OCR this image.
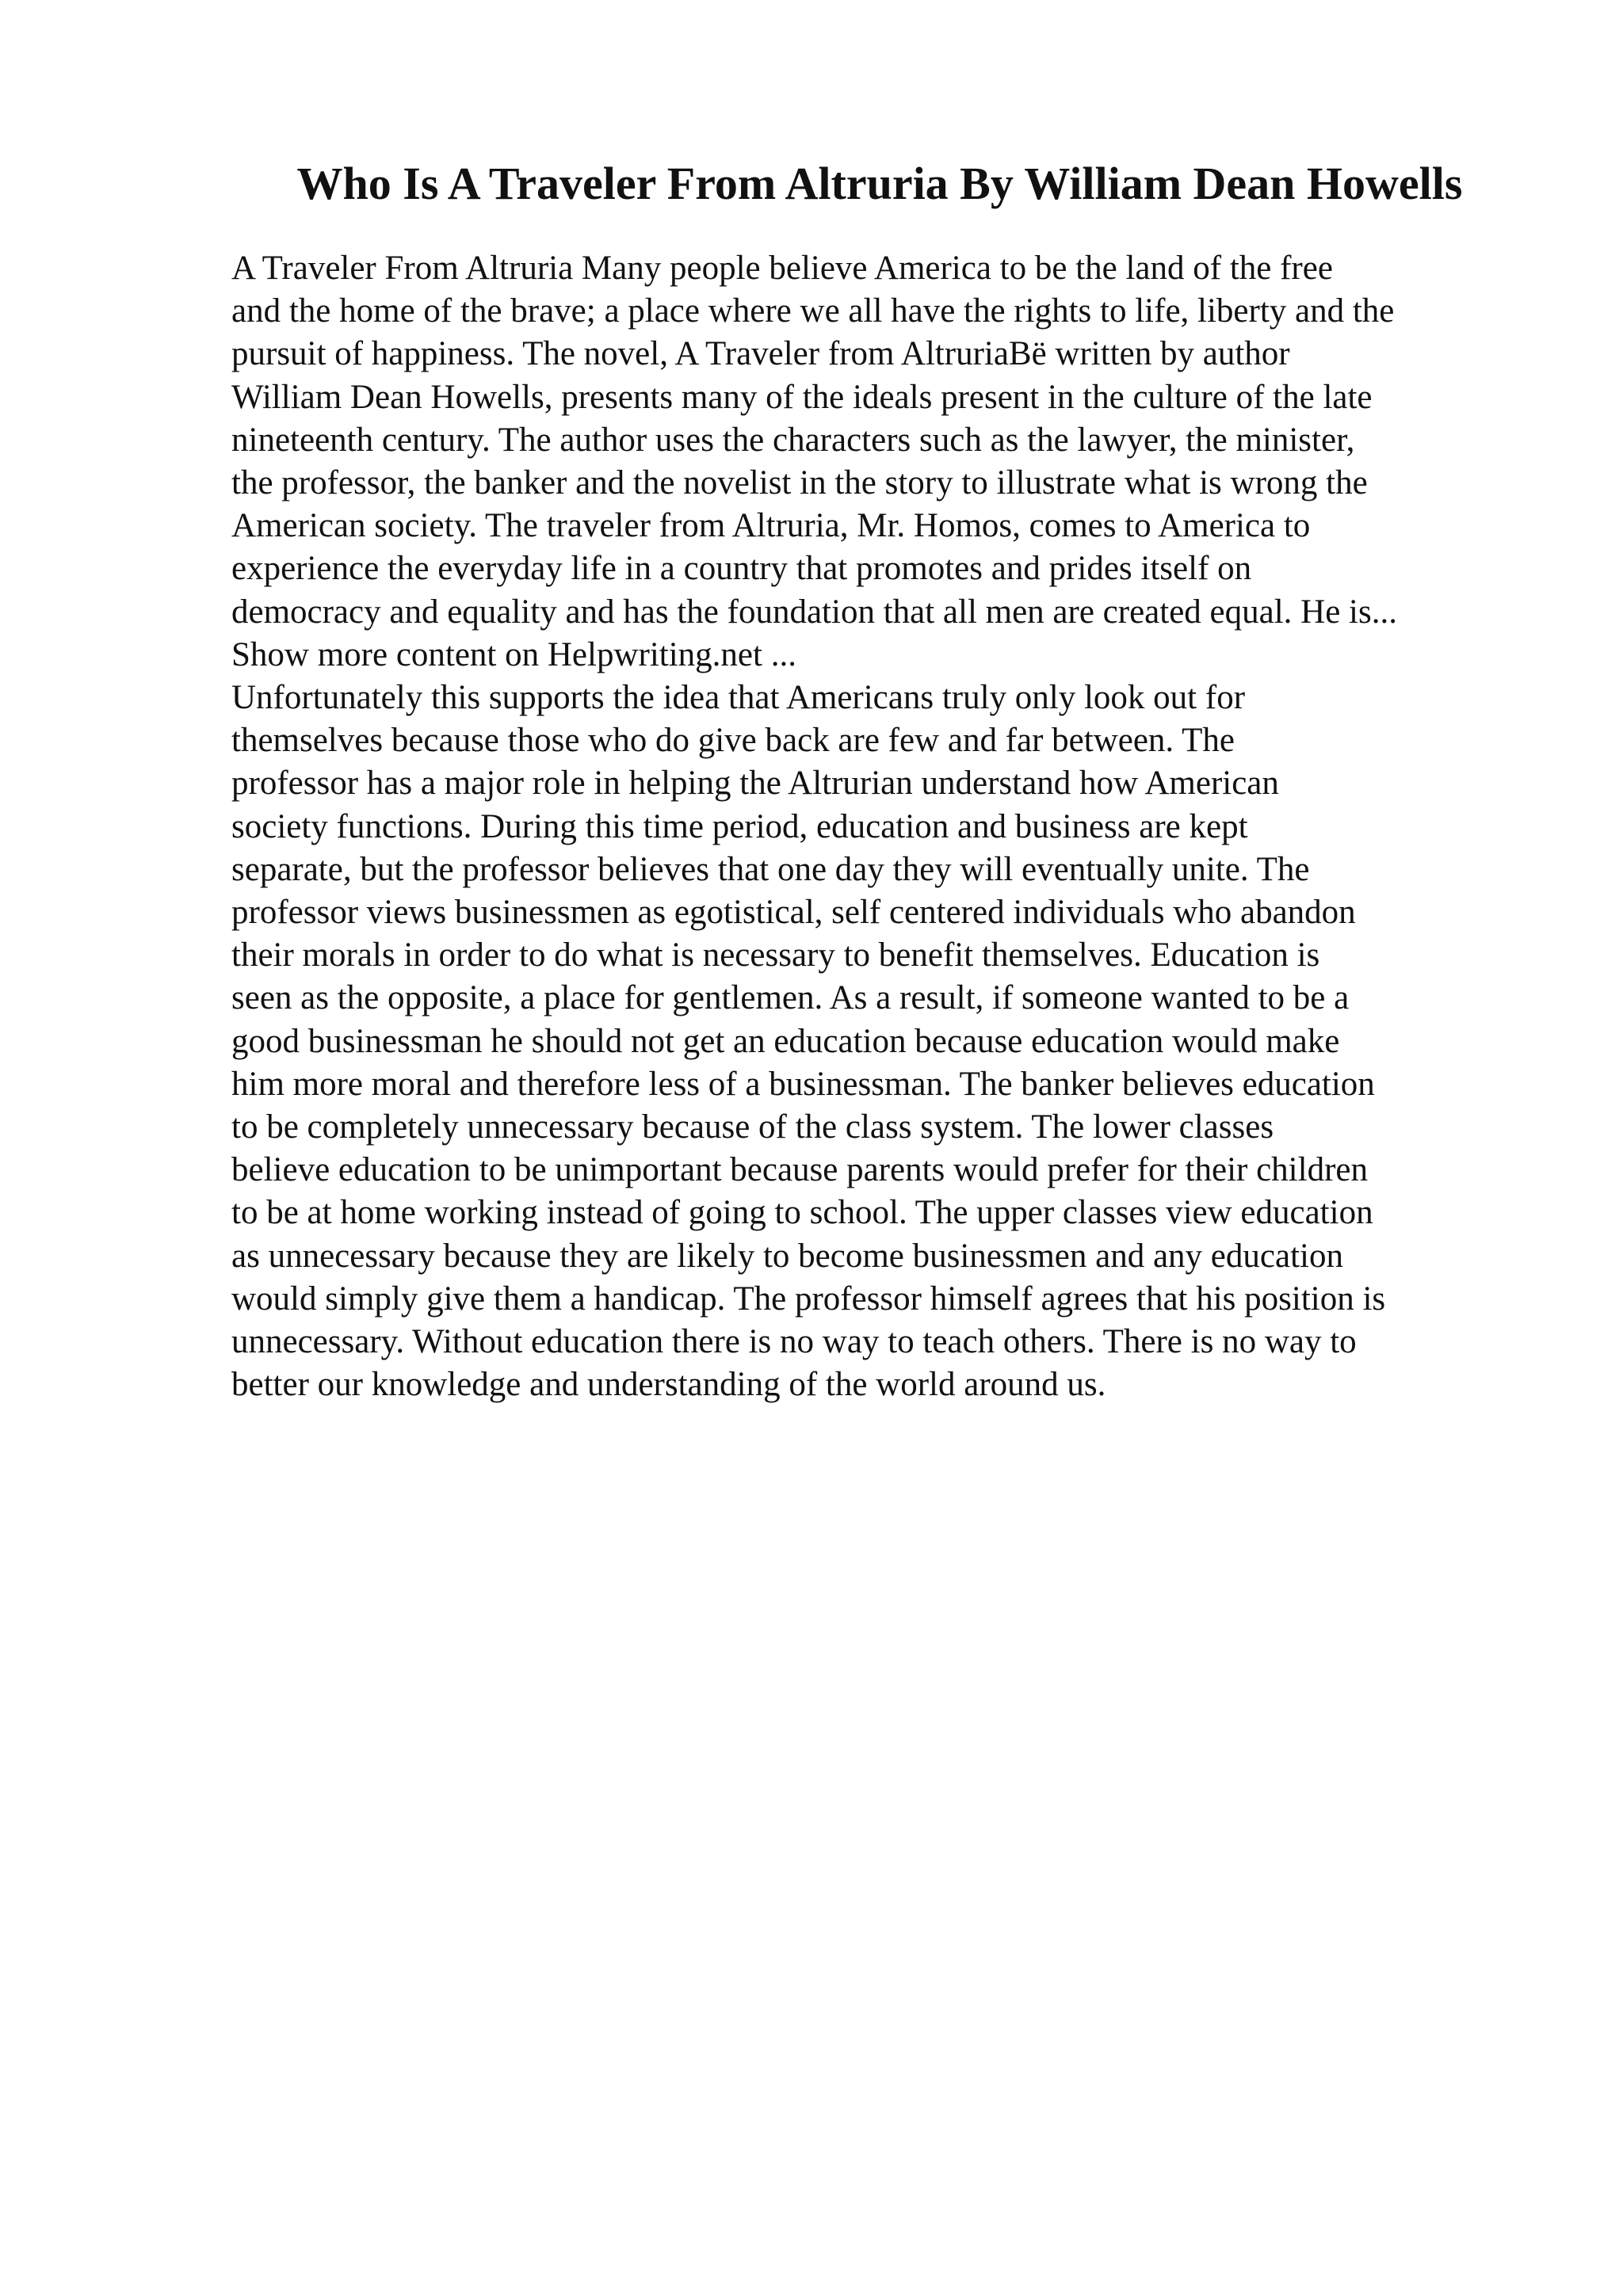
Who Is A Traveler From Altruria By William Dean Howells
A Traveler From Altruria Many people believe America to be the land of the free
and the home of the brave; a place where we all have the rights to life, liberty and the
pursuit of happiness. The novel, A Traveler from AltruriaBë written by author
William Dean Howells, presents many of the ideals present in the culture of the late
nineteenth century. The author uses the characters such as the lawyer, the minister,
the professor, the banker and the novelist in the story to illustrate what is wrong the
American society. The traveler from Altruria, Mr. Homos, comes to America to
experience the everyday life in a country that promotes and prides itself on
democracy and equality and has the foundation that all men are created equal. He is...
Show more content on Helpwriting.net ...
Unfortunately this supports the idea that Americans truly only look out for
themselves because those who do give back are few and far between. The
professor has a major role in helping the Altrurian understand how American
society functions. During this time period, education and business are kept
separate, but the professor believes that one day they will eventually unite. The
professor views businessmen as egotistical, self centered individuals who abandon
their morals in order to do what is necessary to benefit themselves. Education is
seen as the opposite, a place for gentlemen. As a result, if someone wanted to be a
good businessman he should not get an education because education would make
him more moral and therefore less of a businessman. The banker believes education
to be completely unnecessary because of the class system. The lower classes
believe education to be unimportant because parents would prefer for their children
to be at home working instead of going to school. The upper classes view education
as unnecessary because they are likely to become businessmen and any education
would simply give them a handicap. The professor himself agrees that his position is
unnecessary. Without education there is no way to teach others. There is no way to
better our knowledge and understanding of the world around us.
